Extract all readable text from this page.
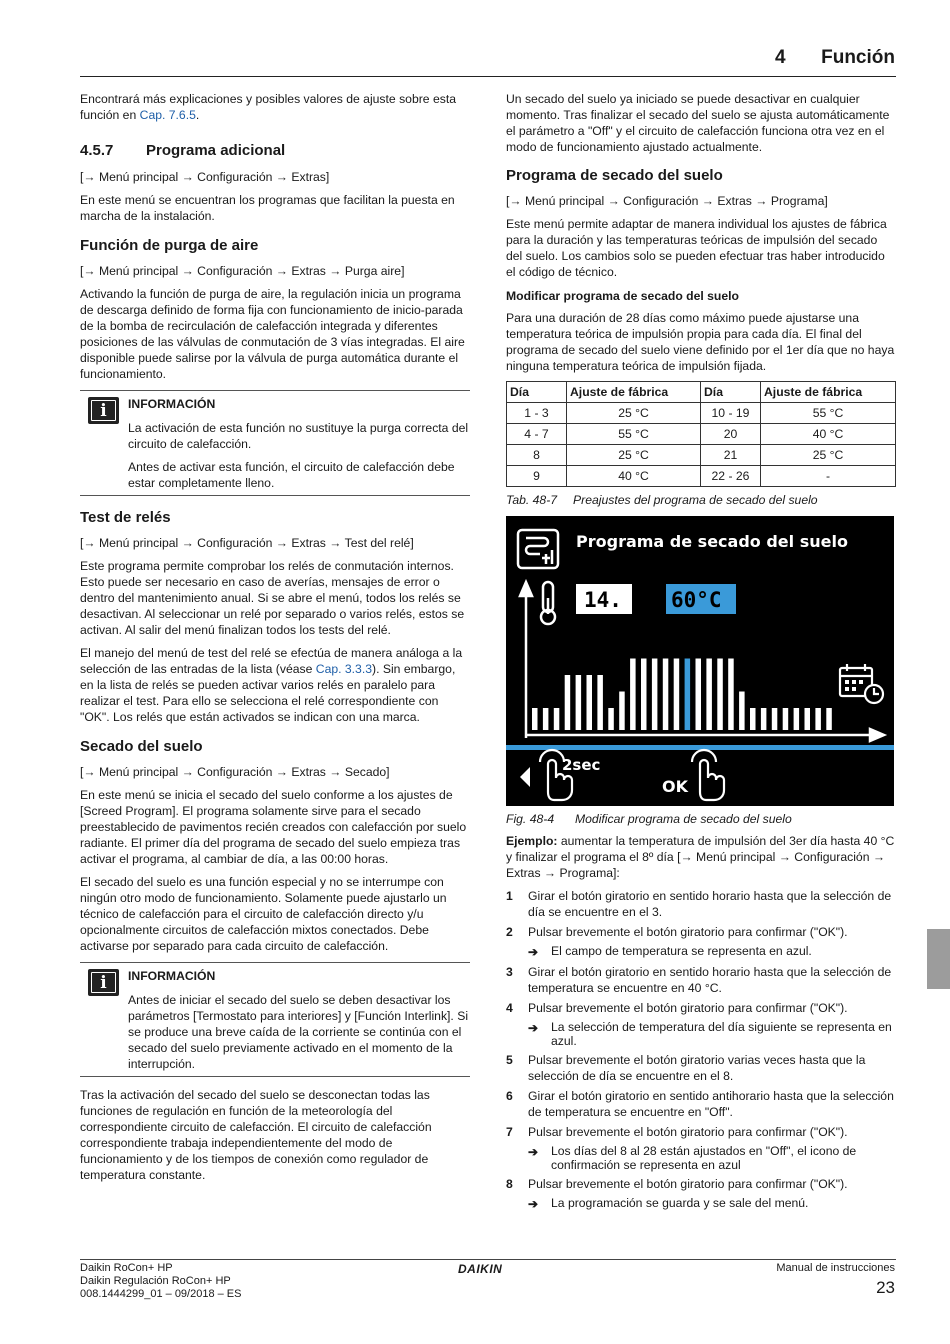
4 Función
Encontrará más explicaciones y posibles valores de ajuste sobre esta función en Cap. 7.6.5.
4.5.7	Programa adicional
[→ Menú principal → Configuración → Extras]
En este menú se encuentran los programas que facilitan la puesta en marcha de la instalación.
Función de purga de aire
[→ Menú principal → Configuración → Extras → Purga aire]
Activando la función de purga de aire, la regulación inicia un programa de descarga definido de forma fija con funcionamiento de inicio-parada de la bomba de recirculación de calefacción integrada y diferentes posiciones de las válvulas de conmutación de 3 vías integradas. El aire disponible puede salirse por la válvula de purga automática durante el funcionamiento.
i	INFORMACIÓN
La activación de esta función no sustituye la purga correcta del circuito de calefacción.
Antes de activar esta función, el circuito de calefacción debe estar completamente lleno.
Test de relés
[→ Menú principal → Configuración → Extras → Test del relé]
Este programa permite comprobar los relés de conmutación internos. Esto puede ser necesario en caso de averías, mensajes de error o dentro del mantenimiento anual. Si se abre el menú, todos los relés se desactivan. Al seleccionar un relé por separado o varios relés, estos se activan. Al salir del menú finalizan todos los tests del relé.
El manejo del menú de test del relé se efectúa de manera análoga a la selección de las entradas de la lista (véase Cap. 3.3.3). Sin embargo, en la lista de relés se pueden activar varios relés en paralelo para realizar el test. Para ello se selecciona el relé correspondiente con "OK". Los relés que están activados se indican con una marca.
Secado del suelo
[→ Menú principal → Configuración → Extras → Secado]
En este menú se inicia el secado del suelo conforme a los ajustes de [Screed Program]. El programa solamente sirve para el secado preestablecido de pavimentos recién creados con calefacción por suelo radiante. El primer día del programa de secado del suelo empieza tras activar el programa, al cambiar de día, a las 00:00 horas.
El secado del suelo es una función especial y no se interrumpe con ningún otro modo de funcionamiento. Solamente puede ajustarlo un técnico de calefacción para el circuito de calefacción directo y/u opcionalmente circuitos de calefacción mixtos conectados. Debe activarse por separado para cada circuito de calefacción.
i	INFORMACIÓN
Antes de iniciar el secado del suelo se deben desactivar los parámetros [Termostato para interiores] y [Función Interlink]. Si se produce una breve caída de la corriente se continúa con el secado del suelo previamente activado en el momento de la interrupción.
Tras la activación del secado del suelo se desconectan todas las funciones de regulación en función de la meteorología del correspondiente circuito de calefacción. El circuito de calefacción correspondiente trabaja independientemente del modo de funcionamiento y de los tiempos de conexión como regulador de temperatura constante.
Un secado del suelo ya iniciado se puede desactivar en cualquier momento. Tras finalizar el secado del suelo se ajusta automáticamente el parámetro a "Off" y el circuito de calefacción funciona otra vez en el modo de funcionamiento ajustado actualmente.
Programa de secado del suelo
[→ Menú principal → Configuración → Extras → Programa]
Este menú permite adaptar de manera individual los ajustes de fábrica para la duración y las temperaturas teóricas de impulsión del secado del suelo. Los cambios solo se pueden efectuar tras haber introducido el código de técnico.
Modificar programa de secado del suelo
Para una duración de 28 días como máximo puede ajustarse una temperatura teórica de impulsión propia para cada día. El final del programa de secado del suelo viene definido por el 1er día que no haya ninguna temperatura teórica de impulsión fijada.
Día	Ajuste de fábrica	Día	Ajuste de fábrica
1 - 3	25 °C	10 - 19	55 °C
4 - 7	55 °C	20	40 °C
8	25 °C	21	25 °C
9	40 °C	22 - 26	-
Tab. 48-7 Preajustes del programa de secado del suelo
Programa de secado del suelo
14. 60°C
2sec
OK
Fig. 48-4 Modificar programa de secado del suelo
Ejemplo: aumentar la temperatura de impulsión del 3er día hasta 40 °C y finalizar el programa el 8º día [→ Menú principal → Configuración → Extras → Programa]:
1	Girar el botón giratorio en sentido horario hasta que la selección de día se encuentre en el 3.
2	Pulsar brevemente el botón giratorio para confirmar ("OK").
➔	El campo de temperatura se representa en azul.
3	Girar el botón giratorio en sentido horario hasta que la selección de temperatura se encuentre en 40 °C.
4	Pulsar brevemente el botón giratorio para confirmar ("OK").
➔	La selección de temperatura del día siguiente se representa en azul.
5	Pulsar brevemente el botón giratorio varias veces hasta que la selección de día se encuentre en el 8.
6	Girar el botón giratorio en sentido antihorario hasta que la selección de temperatura se encuentre en "Off".
7	Pulsar brevemente el botón giratorio para confirmar ("OK").
➔	Los días del 8 al 28 están ajustados en "Off", el icono de confirmación se representa en azul
8	Pulsar brevemente el botón giratorio para confirmar ("OK").
➔	La programación se guarda y se sale del menú.
Daikin RoCon+ HP
Daikin Regulación RoCon+ HP
008.1444299_01 – 09/2018 – ES
DAIKIN	Manual de instrucciones
23
